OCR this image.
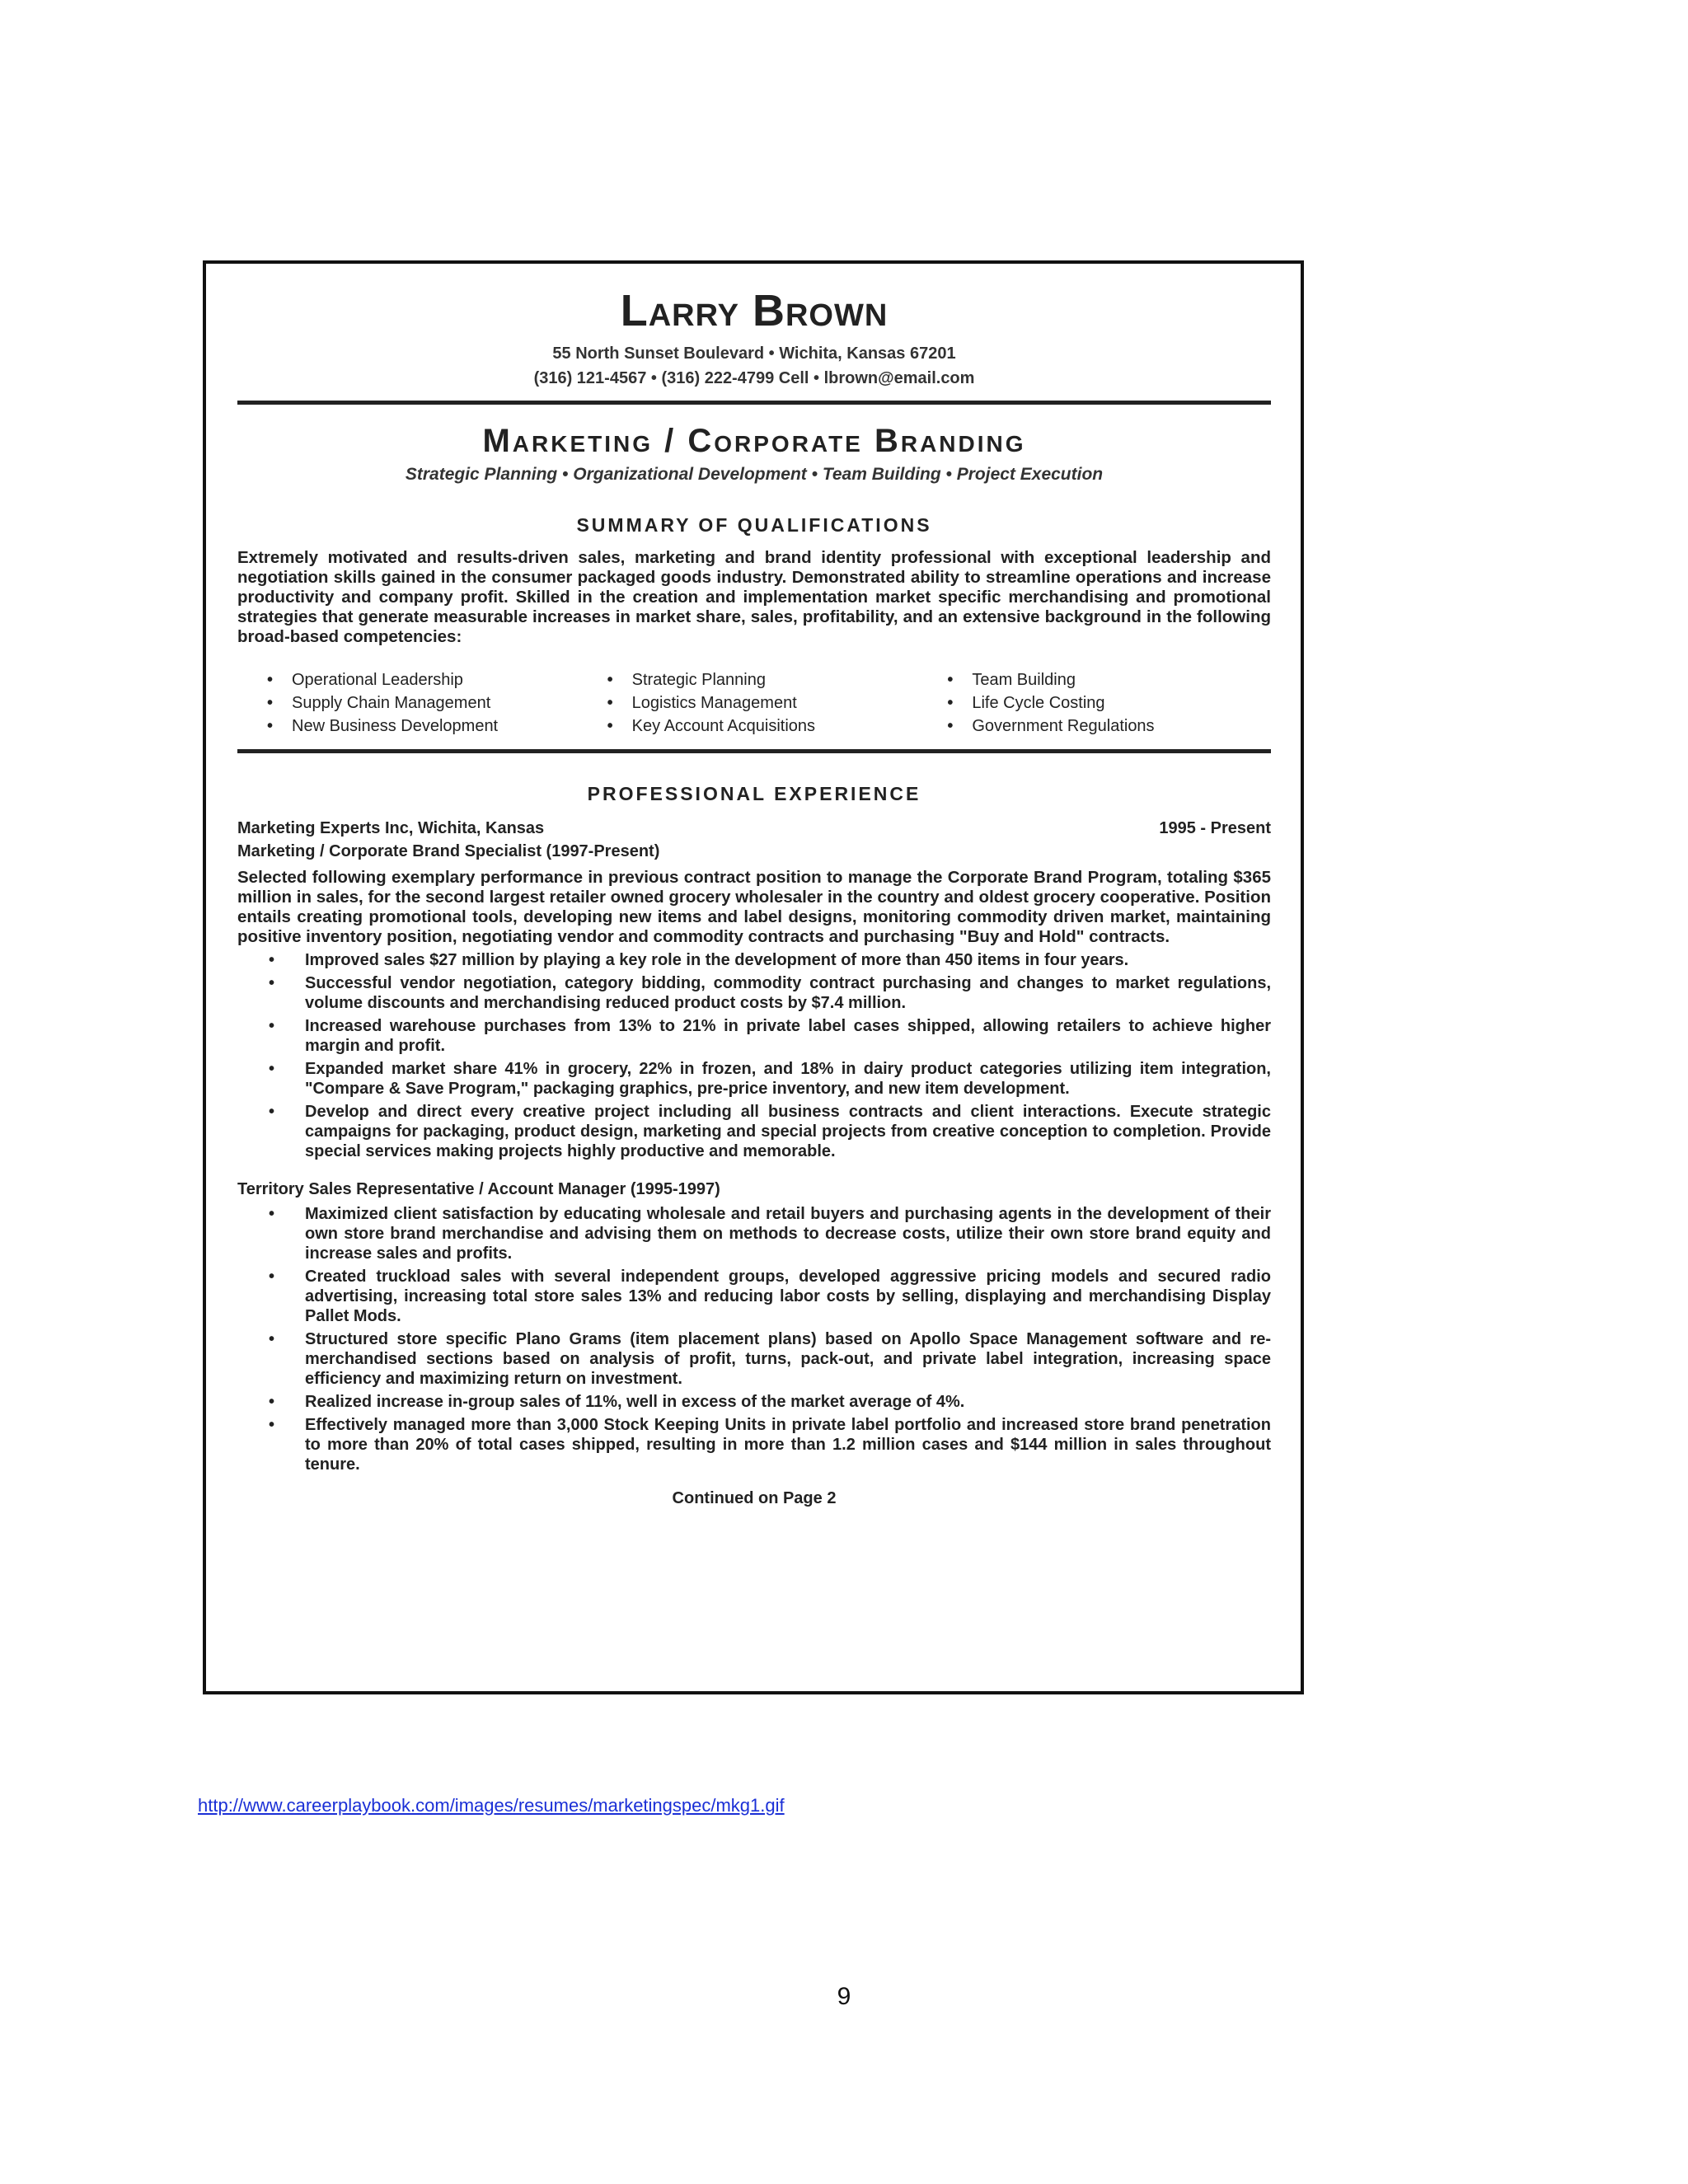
Larry Brown
55 North Sunset Boulevard • Wichita, Kansas 67201
(316) 121-4567 • (316) 222-4799 Cell • lbrown@email.com
Marketing / Corporate Branding
Strategic Planning • Organizational Development • Team Building • Project Execution
SUMMARY OF QUALIFICATIONS

Extremely motivated and results-driven sales, marketing and brand identity professional with exceptional leadership and negotiation skills gained in the consumer packaged goods industry. Demonstrated ability to streamline operations and increase productivity and company profit. Skilled in the creation and implementation market specific merchandising and promotional strategies that generate measurable increases in market share, sales, profitability, and an extensive background in the following broad-based competencies:

• Operational Leadership	• Strategic Planning	• Team Building
• Supply Chain Management	• Logistics Management	• Life Cycle Costing
• New Business Development	• Key Account Acquisitions	• Government Regulations
PROFESSIONAL EXPERIENCE
Marketing Experts Inc, Wichita, Kansas	1995 - Present
Marketing / Corporate Brand Specialist (1997-Present)

Selected following exemplary performance in previous contract position to manage the Corporate Brand Program, totaling $365 million in sales, for the second largest retailer owned grocery wholesaler in the country and oldest grocery cooperative. Position entails creating promotional tools, developing new items and label designs, monitoring commodity driven market, maintaining positive inventory position, negotiating vendor and commodity contracts and purchasing "Buy and Hold" contracts.

• Improved sales $27 million by playing a key role in the development of more than 450 items in four years.
• Successful vendor negotiation, category bidding, commodity contract purchasing and changes to market regulations, volume discounts and merchandising reduced product costs by $7.4 million.
• Increased warehouse purchases from 13% to 21% in private label cases shipped, allowing retailers to achieve higher margin and profit.
• Expanded market share 41% in grocery, 22% in frozen, and 18% in dairy product categories utilizing item integration, "Compare & Save Program," packaging graphics, pre-price inventory, and new item development.
• Develop and direct every creative project including all business contracts and client interactions. Execute strategic campaigns for packaging, product design, marketing and special projects from creative conception to completion. Provide special services making projects highly productive and memorable.
Territory Sales Representative / Account Manager (1995-1997)
• Maximized client satisfaction by educating wholesale and retail buyers and purchasing agents in the development of their own store brand merchandise and advising them on methods to decrease costs, utilize their own store brand equity and increase sales and profits.
• Created truckload sales with several independent groups, developed aggressive pricing models and secured radio advertising, increasing total store sales 13% and reducing labor costs by selling, displaying and merchandising Display Pallet Mods.
• Structured store specific Plano Grams (item placement plans) based on Apollo Space Management software and re-merchandised sections based on analysis of profit, turns, pack-out, and private label integration, increasing space efficiency and maximizing return on investment.
• Realized increase in-group sales of 11%, well in excess of the market average of 4%.
• Effectively managed more than 3,000 Stock Keeping Units in private label portfolio and increased store brand penetration to more than 20% of total cases shipped, resulting in more than 1.2 million cases and $144 million in sales throughout tenure.
Continued on Page 2
http://www.careerplaybook.com/images/resumes/marketingspec/mkg1.gif
9
